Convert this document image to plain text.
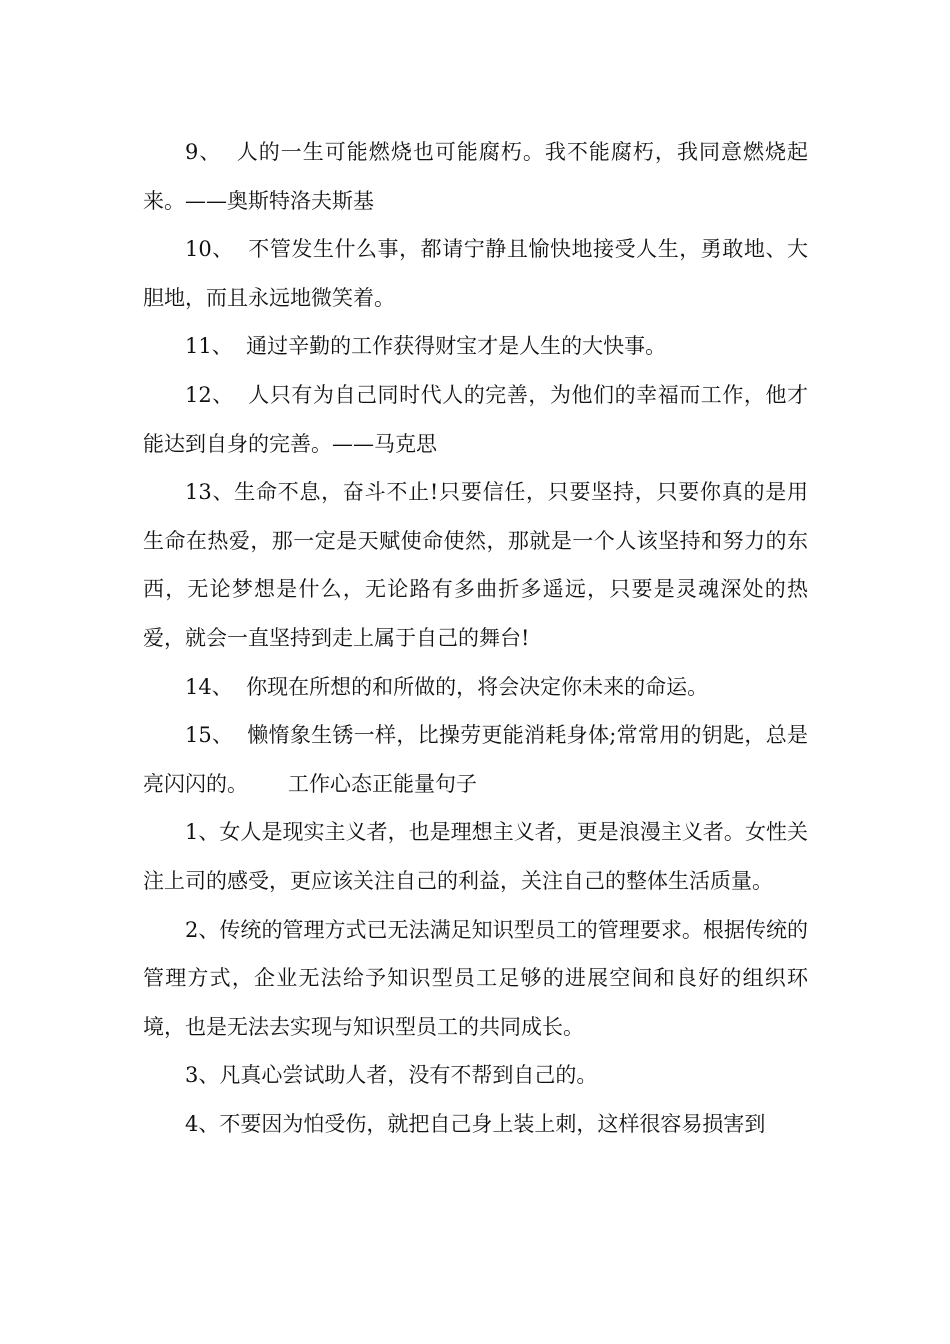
9、  人的一生可能燃烧也可能腐朽。我不能腐朽，我同意燃烧起来。——奥斯特洛夫斯基

10、  不管发生什么事，都请宁静且愉快地接受人生，勇敢地、大胆地，而且永远地微笑着。

11、  通过辛勤的工作获得财宝才是人生的大快事。

12、  人只有为自己同时代人的完善，为他们的幸福而工作，他才能达到自身的完善。——马克思

13、生命不息，奋斗不止!只要信任，只要坚持，只要你真的是用生命在热爱，那一定是天赋使命使然，那就是一个人该坚持和努力的东西，无论梦想是什么，无论路有多曲折多遥远，只要是灵魂深处的热爱，就会一直坚持到走上属于自己的舞台!

14、  你现在所想的和所做的，将会决定你未来的命运。

15、  懒惰象生锈一样，比操劳更能消耗身体;常常用的钥匙，总是亮闪闪的。      工作心态正能量句子

1、女人是现实主义者，也是理想主义者，更是浪漫主义者。女性关注上司的感受，更应该关注自己的利益，关注自己的整体生活质量。

2、传统的管理方式已无法满足知识型员工的管理要求。根据传统的管理方式，企业无法给予知识型员工足够的进展空间和良好的组织环境，也是无法去实现与知识型员工的共同成长。

3、凡真心尝试助人者，没有不帮到自己的。

4、不要因为怕受伤，就把自己身上装上刺，这样很容易损害到
